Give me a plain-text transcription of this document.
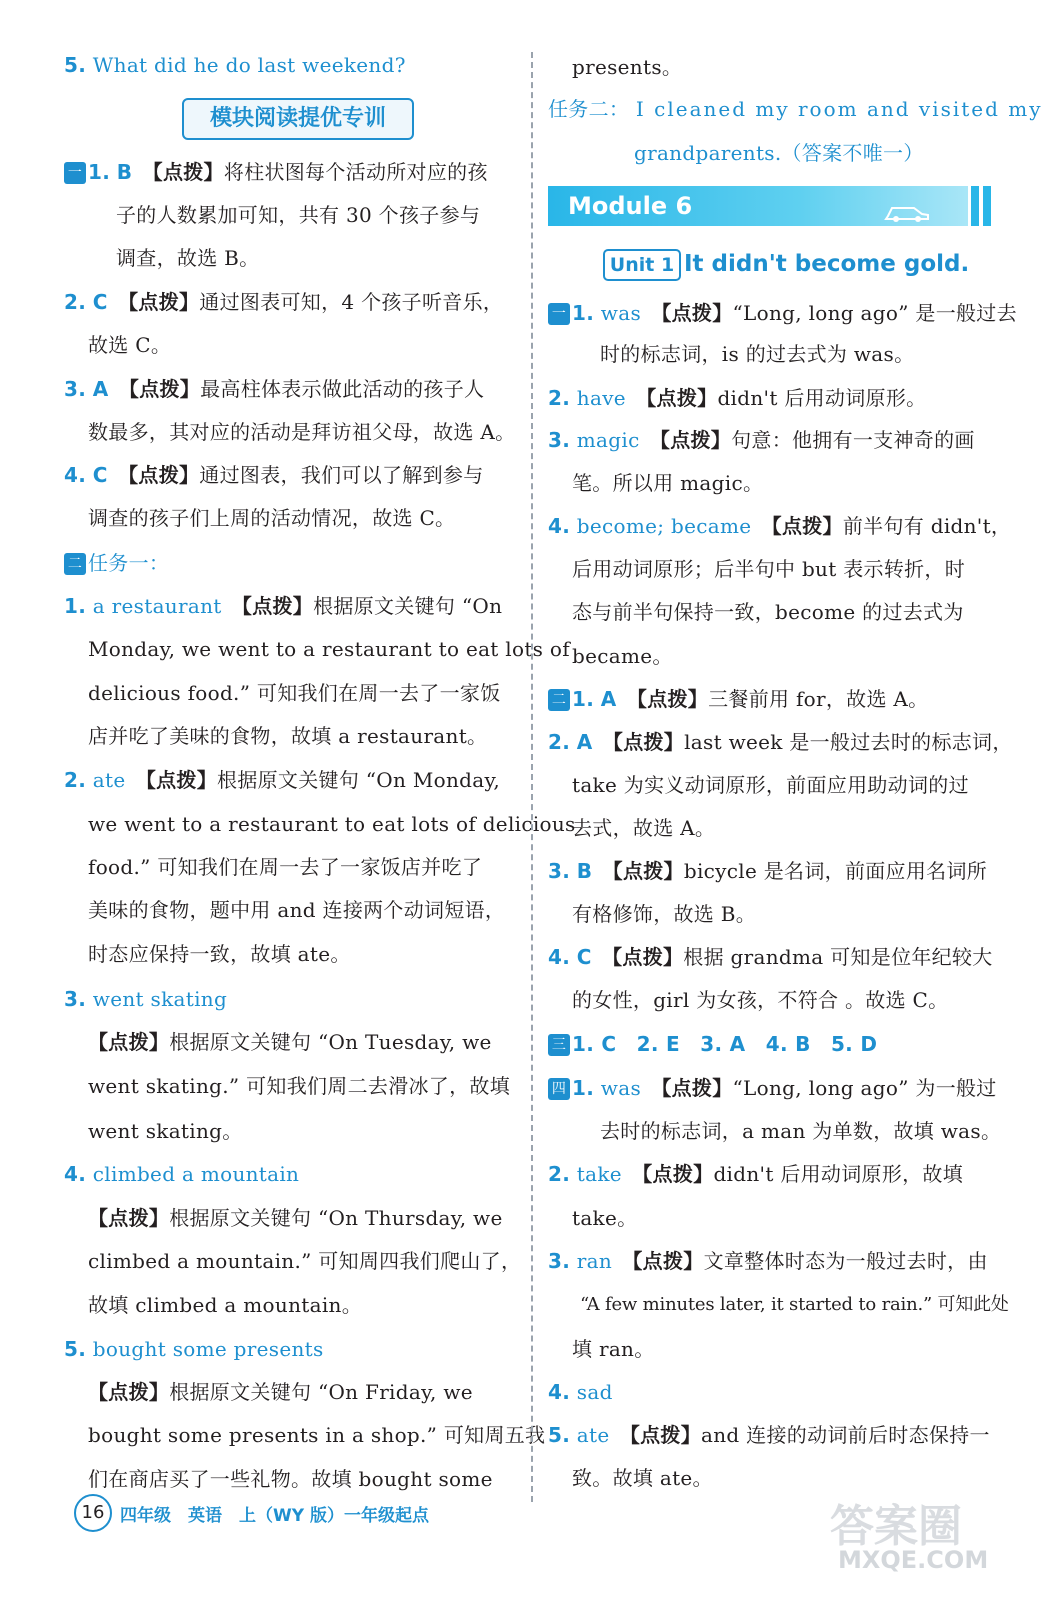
5. What did he do last weekend?
模块阅读提优专训
一 1. B　 【点拨】将柱状图每个活动所对应的孩
子的人数累加可知，共有 30 个孩子参与
调查，故选 B。
2. C　 【点拨】通过图表可知，4 个孩子听音乐，
故选 C。
3. A　 【点拨】最高柱体表示做此活动的孩子人
数最多，其对应的活动是拜访祖父母，故选 A。
4. C　 【点拨】通过图表，我们可以了解到参与
调查的孩子们上周的活动情况，故选 C。
二 任务一：
1. a restaurant　 【点拨】根据原文关键句 “On
Monday, we went to a restaurant to eat lots of
delicious food.” 可知我们在周一去了一家饭
店并吃了美味的食物，故填 a restaurant。
2. ate　 【点拨】根据原文关键句 “On Monday,
we went to a restaurant to eat lots of delicious
food.” 可知我们在周一去了一家饭店并吃了
美味的食物，题中用 and 连接两个动词短语，
时态应保持一致，故填 ate。
3. went skating
【点拨】根据原文关键句 “On Tuesday, we
went skating.” 可知我们周二去滑冰了，故填
went skating。
4. climbed a mountain
【点拨】根据原文关键句 “On Thursday, we
climbed a mountain.” 可知周四我们爬山了，
故填 climbed a mountain。
5. bought some presents
【点拨】根据原文关键句 “On Friday, we
bought some presents in a shop.” 可知周五我
们在商店买了一些礼物。故填 bought some
presents。
任务二： I cleaned my room and visited my
grandparents.（答案不唯一）
Module 6
Unit 1 It didn't become gold.
一 1. was　 【点拨】“Long, long ago” 是一般过去
时的标志词，is 的过去式为 was。
2. have　 【点拨】didn't 后用动词原形。
3. magic　 【点拨】句意：他拥有一支神奇的画
笔。所以用 magic。
4. become; became　 【点拨】前半句有 didn't，
后用动词原形；后半句中 but 表示转折，时
态与前半句保持一致，become 的过去式为
became。
二 1. A　 【点拨】三餐前用 for，故选 A。
2. A　 【点拨】last week 是一般过去时的标志词，
take 为实义动词原形，前面应用助动词的过
去式，故选 A。
3. B　 【点拨】bicycle 是名词，前面应用名词所
有格修饰，故选 B。
4. C　 【点拨】根据 grandma 可知是位年纪较大
的女性，girl 为女孩，不符合 。故选 C。
三 1. C　2. E　3. A　4. B　5. D
四 1. was　 【点拨】“Long, long ago” 为一般过
去时的标志词，a man 为单数，故填 was。
2. take　 【点拨】didn't 后用动词原形，故填
take。
3. ran　 【点拨】文章整体时态为一般过去时，由
“A few minutes later, it started to rain.” 可知此处
填 ran。
4. sad
5. ate　 【点拨】and 连接的动词前后时态保持一
致。故填 ate。
16 四年级　英语　上（WY 版）一年级起点	答案圈
MXQE.COM
